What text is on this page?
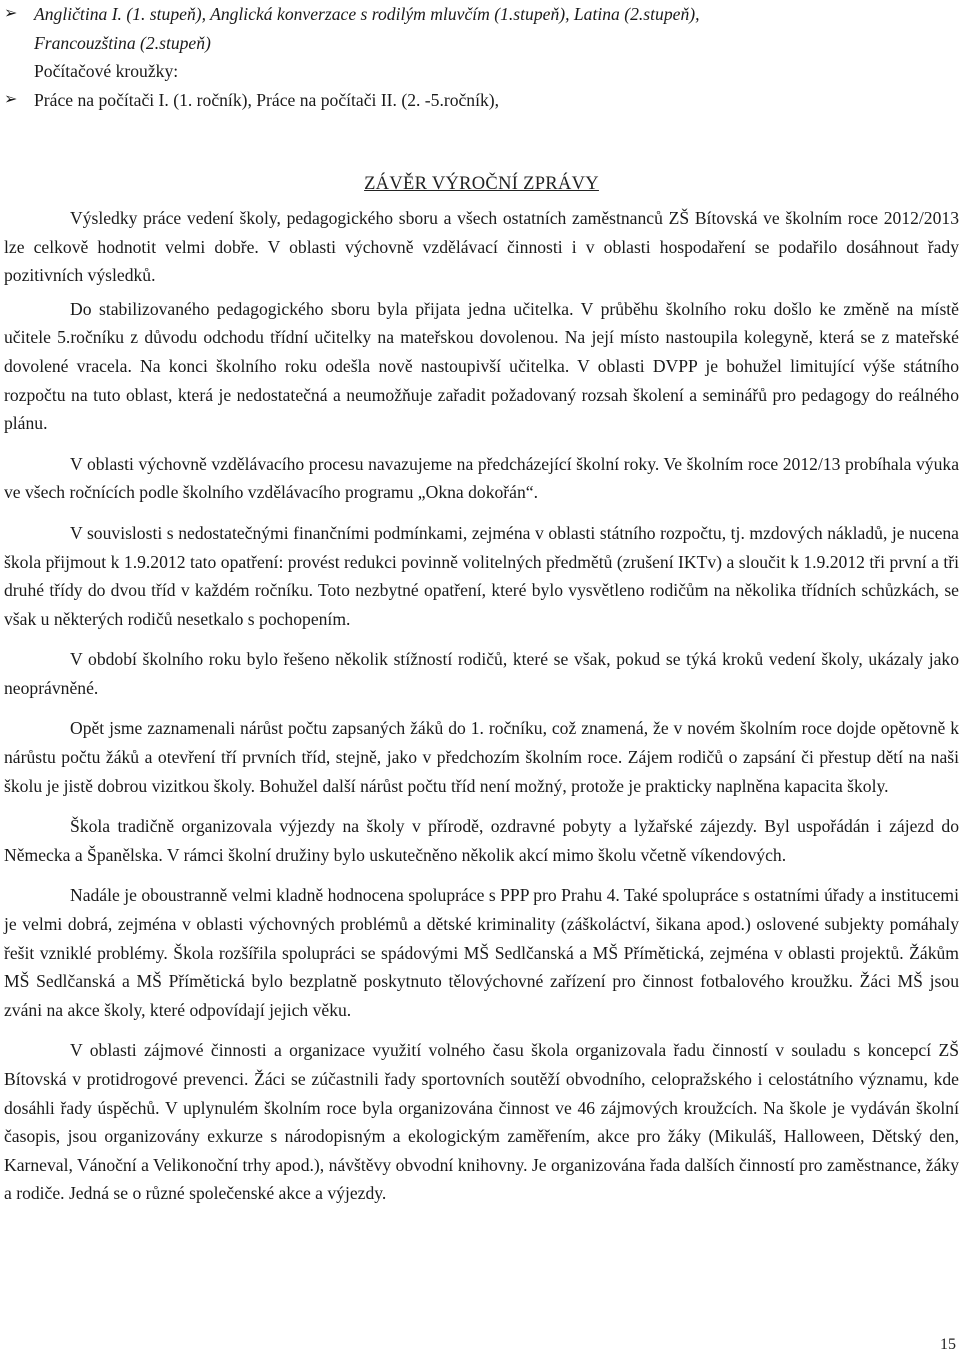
➢ Angličtina I. (1. stupeň), Anglická konverzace s rodilým mluvčím (1.stupeň), Latina (2.stupeň),
Francouzština (2.stupeň)
Počítačové kroužky:
➢ Práce na počítači I. (1. ročník), Práce na počítači II. (2. -5.ročník),
ZÁVĚR VÝROČNÍ ZPRÁVY

Výsledky práce vedení školy, pedagogického sboru a všech ostatních zaměstnanců ZŠ Bítovská ve školním roce 2012/2013 lze celkově hodnotit velmi dobře. V oblasti výchovně vzdělávací činnosti i v oblasti hospodaření se podařilo dosáhnout řady pozitivních výsledků.

Do stabilizovaného pedagogického sboru byla přijata jedna učitelka. V průběhu školního roku došlo ke změně na místě učitele 5.ročníku z důvodu odchodu třídní učitelky na mateřskou dovolenou. Na její místo nastoupila kolegyně, která se z mateřské dovolené vracela. Na konci školního roku odešla nově nastoupivší učitelka. V oblasti DVPP je bohužel limitující výše státního rozpočtu na tuto oblast, která je nedostatečná a neumožňuje zařadit požadovaný rozsah školení a seminářů pro pedagogy do reálného plánu.

V oblasti výchovně vzdělávacího procesu navazujeme na předcházející školní roky. Ve školním roce 2012/13 probíhala výuka ve všech ročnících podle školního vzdělávacího programu „Okna dokořán“.

V souvislosti s nedostatečnými finančními podmínkami, zejména v oblasti státního rozpočtu, tj. mzdových nákladů, je nucena škola přijmout k 1.9.2012 tato opatření: provést redukci povinně volitelných předmětů (zrušení IKTv) a sloučit k 1.9.2012 tři první a tři druhé třídy do dvou tříd v každém ročníku. Toto nezbytné opatření, které bylo vysvětleno rodičům na několika třídních schůzkách, se však u některých rodičů nesetkalo s pochopením.

V období školního roku bylo řešeno několik stížností rodičů, které se však, pokud se týká kroků vedení školy, ukázaly jako neoprávněné.

Opět jsme zaznamenali nárůst počtu zapsaných žáků do 1. ročníku, což znamená, že v novém školním roce dojde opětovně k nárůstu počtu žáků a otevření tří prvních tříd, stejně, jako v předchozím školním roce. Zájem rodičů o zapsání či přestup dětí na naši školu je jistě dobrou vizitkou školy. Bohužel další nárůst počtu tříd není možný, protože je prakticky naplněna kapacita školy.

Škola tradičně organizovala výjezdy na školy v přírodě, ozdravné pobyty a lyžařské zájezdy. Byl uspořádán i zájezd do Německa a Španělska. V rámci školní družiny bylo uskutečněno několik akcí mimo školu včetně víkendových.

Nadále je oboustranně velmi kladně hodnocena spolupráce s PPP pro Prahu 4. Také spolupráce s ostatními úřady a institucemi je velmi dobrá, zejména v oblasti výchovných problémů a dětské kriminality (záškoláctví, šikana apod.) oslovené subjekty pomáhaly řešit vzniklé problémy. Škola rozšířila spolupráci se spádovými MŠ Sedlčanská a MŠ Přímětická, zejména v oblasti projektů. Žákům MŠ Sedlčanská a MŠ Přímětická bylo bezplatně poskytnuto tělovýchovné zařízení pro činnost fotbalového kroužku. Žáci MŠ jsou zváni na akce školy, které odpovídají jejich věku.

V oblasti zájmové činnosti a organizace využití volného času škola organizovala řadu činností v souladu s koncepcí ZŠ Bítovská v protidrogové prevenci. Žáci se zúčastnili řady sportovních soutěží obvodního, celopražského i celostátního významu, kde dosáhli řady úspěchů. V uplynulém školním roce byla organizována činnost ve 46 zájmových kroužcích. Na škole je vydáván školní časopis, jsou organizovány exkurze s národopisným a ekologickým zaměřením, akce pro žáky (Mikuláš, Halloween, Dětský den, Karneval, Vánoční a Velikonoční trhy apod.), návštěvy obvodní knihovny. Je organizována řada dalších činností pro zaměstnance, žáky a rodiče. Jedná se o různé společenské akce a výjezdy.

15
